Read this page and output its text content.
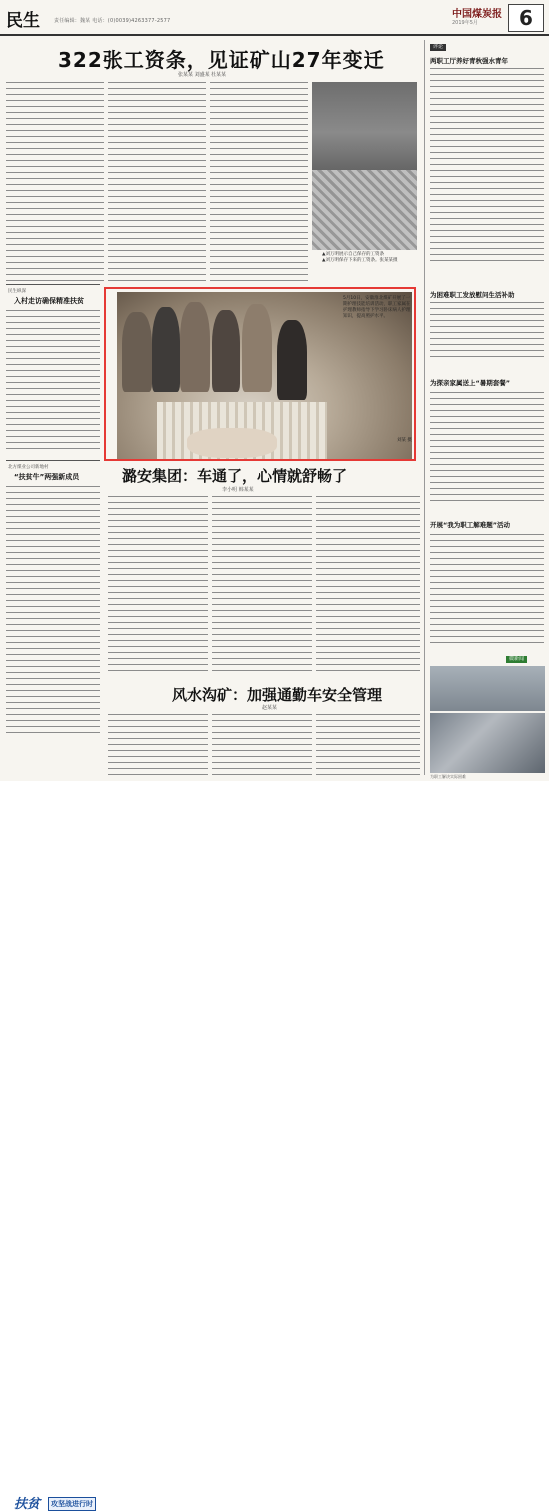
民生	责任编辑：魏某 电话：(0)0039)4263377-2577
中国煤炭报
2019年5月	6
322张工资条，见证矿山27年变迁
张某某 刘盛某 杜某某
▲刘万明展示自己保存的工资条
▲刘万明保存下来的工资条。张某某摄
评论
两职工厅养好青秋强水青年
为困难职工发放慰问生活补助
为探亲家属送上“暑期套餐”
开展“我为职工解难题”活动
微新闻
为职工解决实际困难
民生纵深
入村走访确保精准扶贫
北方煤业公司新地村
“扶贫牛”两强新成员
扶贫	攻坚战进行时
5月10日，安徽淮北煤矿开展了一期护理技能培训活动，职工家属在护理教师指导下学习卧床病人护理知识，提高照护水平。
刘某 摄
潞安集团：车通了，心情就舒畅了
李小明 韩某某
风水沟矿：加强通勤车安全管理
赵某某
